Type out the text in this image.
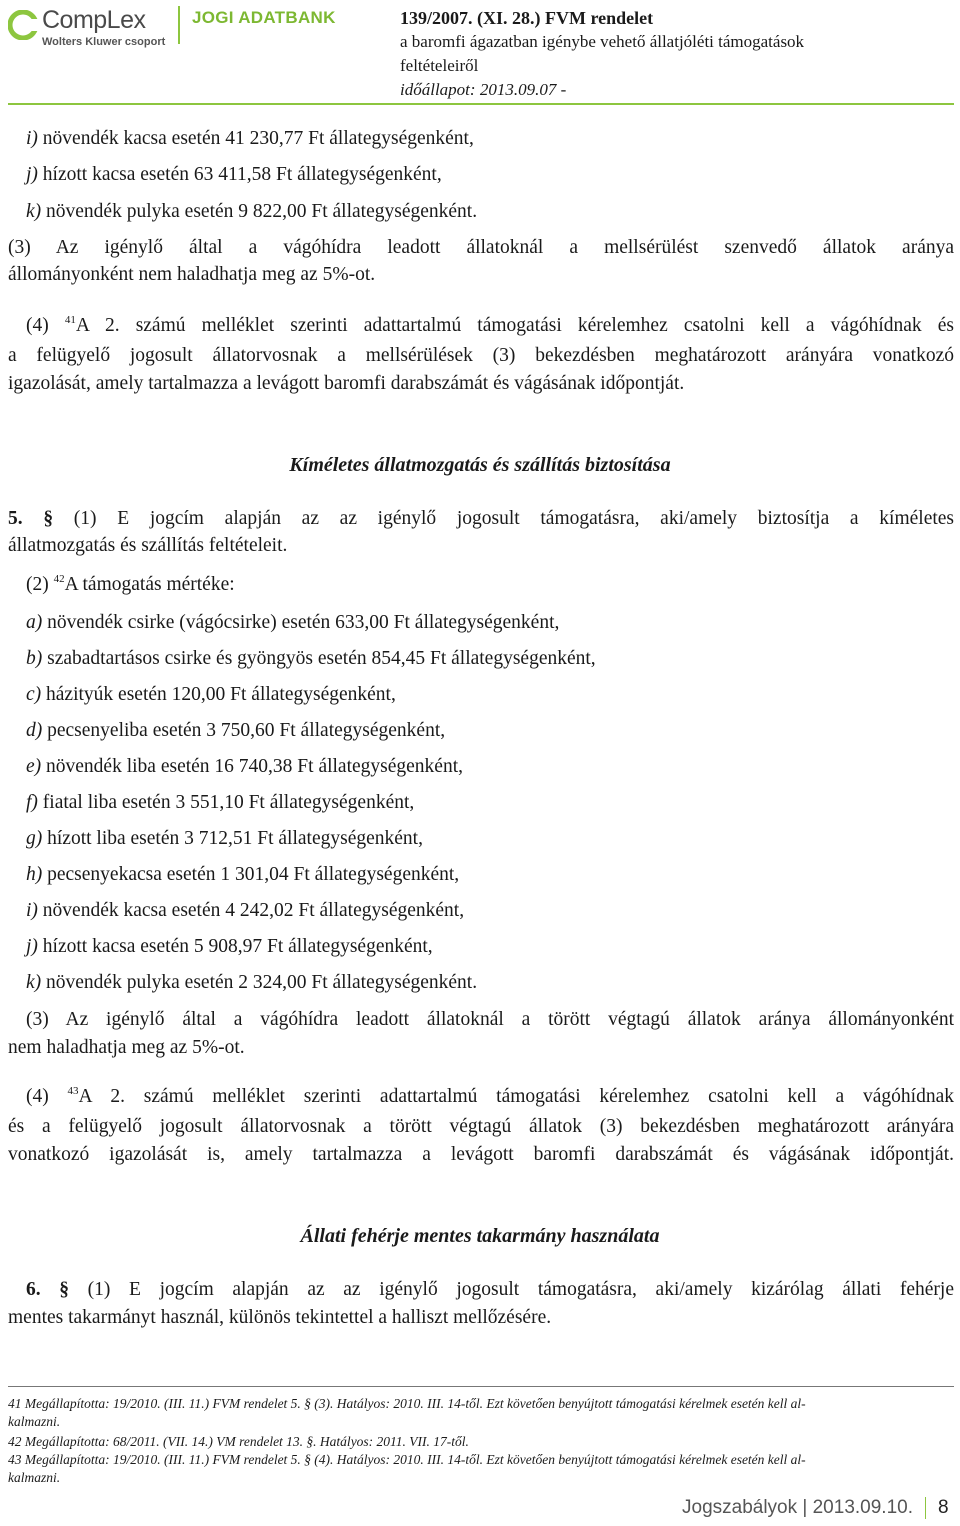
CompLex
Wolters Kluwer csoport
JOGI ADATBANK	139/2007. (XI. 28.) FVM rendelet
a baromfi ágazatban igénybe vehető állatjóléti támogatások
feltételeiről
időállapot: 2013.09.07 -
i) növendék kacsa esetén 41 230,77 Ft állategységenként,
j) hízott kacsa esetén 63 411,58 Ft állategységenként,
k) növendék pulyka esetén 9 822,00 Ft állategységenként.
(3) Az igénylő által a vágóhídra leadott állatoknál a mellsérülést szenvedő állatok aránya
állományonként nem haladhatja meg az 5%-ot.
(4) $^{41}$A 2. számú melléklet szerinti adattartalmú támogatási kérelemhez csatolni kell a vágóhídnak és
a felügyelő jogosult állatorvosnak a mellsérülések (3) bekezdésben meghatározott arányára vonatkozó
igazolását, amely tartalmazza a levágott baromfi darabszámát és vágásának időpontját.
Kíméletes állatmozgatás és szállítás biztosítása
5. § (1) E jogcím alapján az az igénylő jogosult támogatásra, aki/amely biztosítja a kíméletes
állatmozgatás és szállítás feltételeit.
(2) $^{42}$A támogatás mértéke:
a) növendék csirke (vágócsirke) esetén 633,00 Ft állategységenként,
b) szabadtartásos csirke és gyöngyös esetén 854,45 Ft állategységenként,
c) házityúk esetén 120,00 Ft állategységenként,
d) pecsenyeliba esetén 3 750,60 Ft állategységenként,
e) növendék liba esetén 16 740,38 Ft állategységenként,
f) fiatal liba esetén 3 551,10 Ft állategységenként,
g) hízott liba esetén 3 712,51 Ft állategységenként,
h) pecsenyekacsa esetén 1 301,04 Ft állategységenként,
i) növendék kacsa esetén 4 242,02 Ft állategységenként,
j) hízott kacsa esetén 5 908,97 Ft állategységenként,
k) növendék pulyka esetén 2 324,00 Ft állategységenként.
(3) Az igénylő által a vágóhídra leadott állatoknál a törött végtagú állatok aránya állományonként
nem haladhatja meg az 5%-ot.
(4) $^{43}$A 2. számú melléklet szerinti adattartalmú támogatási kérelemhez csatolni kell a vágóhídnak
és a felügyelő jogosult állatorvosnak a törött végtagú állatok (3) bekezdésben meghatározott arányára
vonatkozó igazolását is, amely tartalmazza a levágott baromfi darabszámát és vágásának időpontját.
Állati fehérje mentes takarmány használata
6. § (1) E jogcím alapján az az igénylő jogosult támogatásra, aki/amely kizárólag állati fehérje
mentes takarmányt használ, különös tekintettel a halliszt mellőzésére.
41 Megállapította: 19/2010. (III. 11.) FVM rendelet 5. § (3). Hatályos: 2010. III. 14-től. Ezt követően benyújtott támogatási kérelmek esetén kell al-
kalmazni.
42 Megállapította: 68/2011. (VII. 14.) VM rendelet 13. §. Hatályos: 2011. VII. 17-től.
43 Megállapította: 19/2010. (III. 11.) FVM rendelet 5. § (4). Hatályos: 2010. III. 14-től. Ezt követően benyújtott támogatási kérelmek esetén kell al-
kalmazni.
Jogszabályok | 2013.09.10. 8
